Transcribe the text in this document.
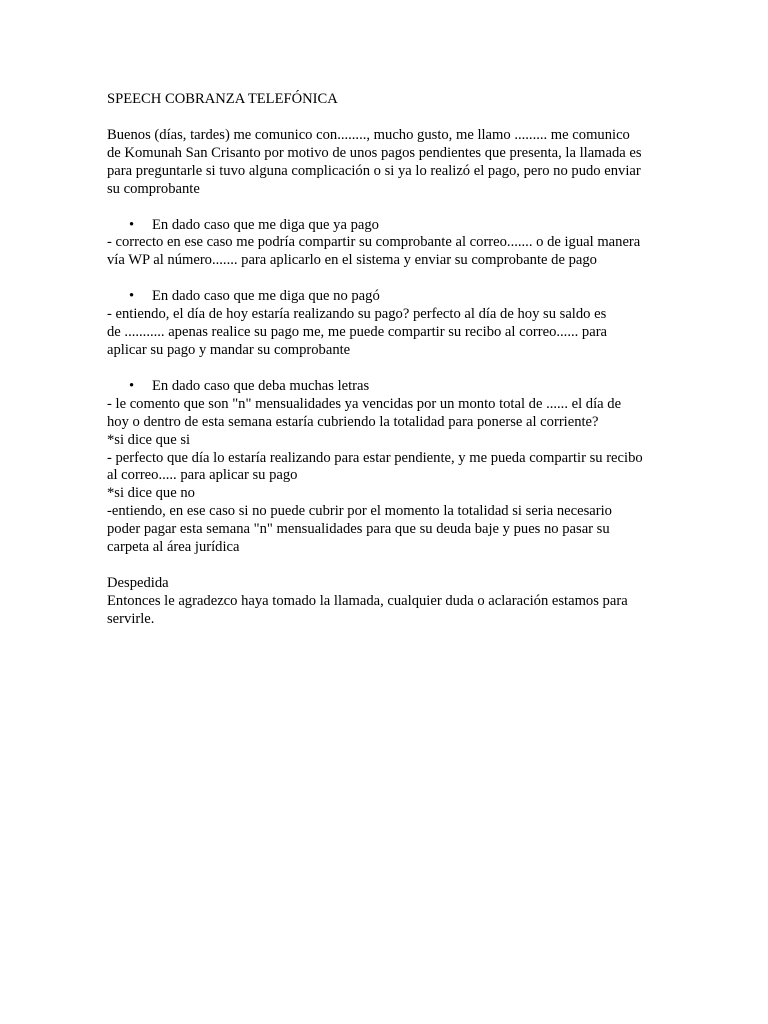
SPEECH COBRANZA TELEFÓNICA
Buenos (días, tardes) me comunico con........, mucho gusto, me llamo ......... me comunico
de Komunah San Crisanto por motivo de unos pagos pendientes que presenta, la llamada es
para preguntarle si tuvo alguna complicación o si ya lo realizó el pago, pero no pudo enviar
su comprobante
• En dado caso que me diga que ya pago
- correcto en ese caso me podría compartir su comprobante al correo....... o de igual manera
vía WP al número....... para aplicarlo en el sistema y enviar su comprobante de pago
• En dado caso que me diga que no pagó
- entiendo, el día de hoy estaría realizando su pago? perfecto al día de hoy su saldo es
de ........... apenas realice su pago me, me puede compartir su recibo al correo...... para
aplicar su pago y mandar su comprobante
• En dado caso que deba muchas letras
- le comento que son "n" mensualidades ya vencidas por un monto total de ...... el día de
hoy o dentro de esta semana estaría cubriendo la totalidad para ponerse al corriente?
*si dice que si
- perfecto que día lo estaría realizando para estar pendiente, y me pueda compartir su recibo
al correo..... para aplicar su pago
*si dice que no
-entiendo, en ese caso si no puede cubrir por el momento la totalidad si seria necesario
poder pagar esta semana "n" mensualidades para que su deuda baje y pues no pasar su
carpeta al área jurídica
Despedida
Entonces le agradezco haya tomado la llamada, cualquier duda o aclaración estamos para
servirle.
